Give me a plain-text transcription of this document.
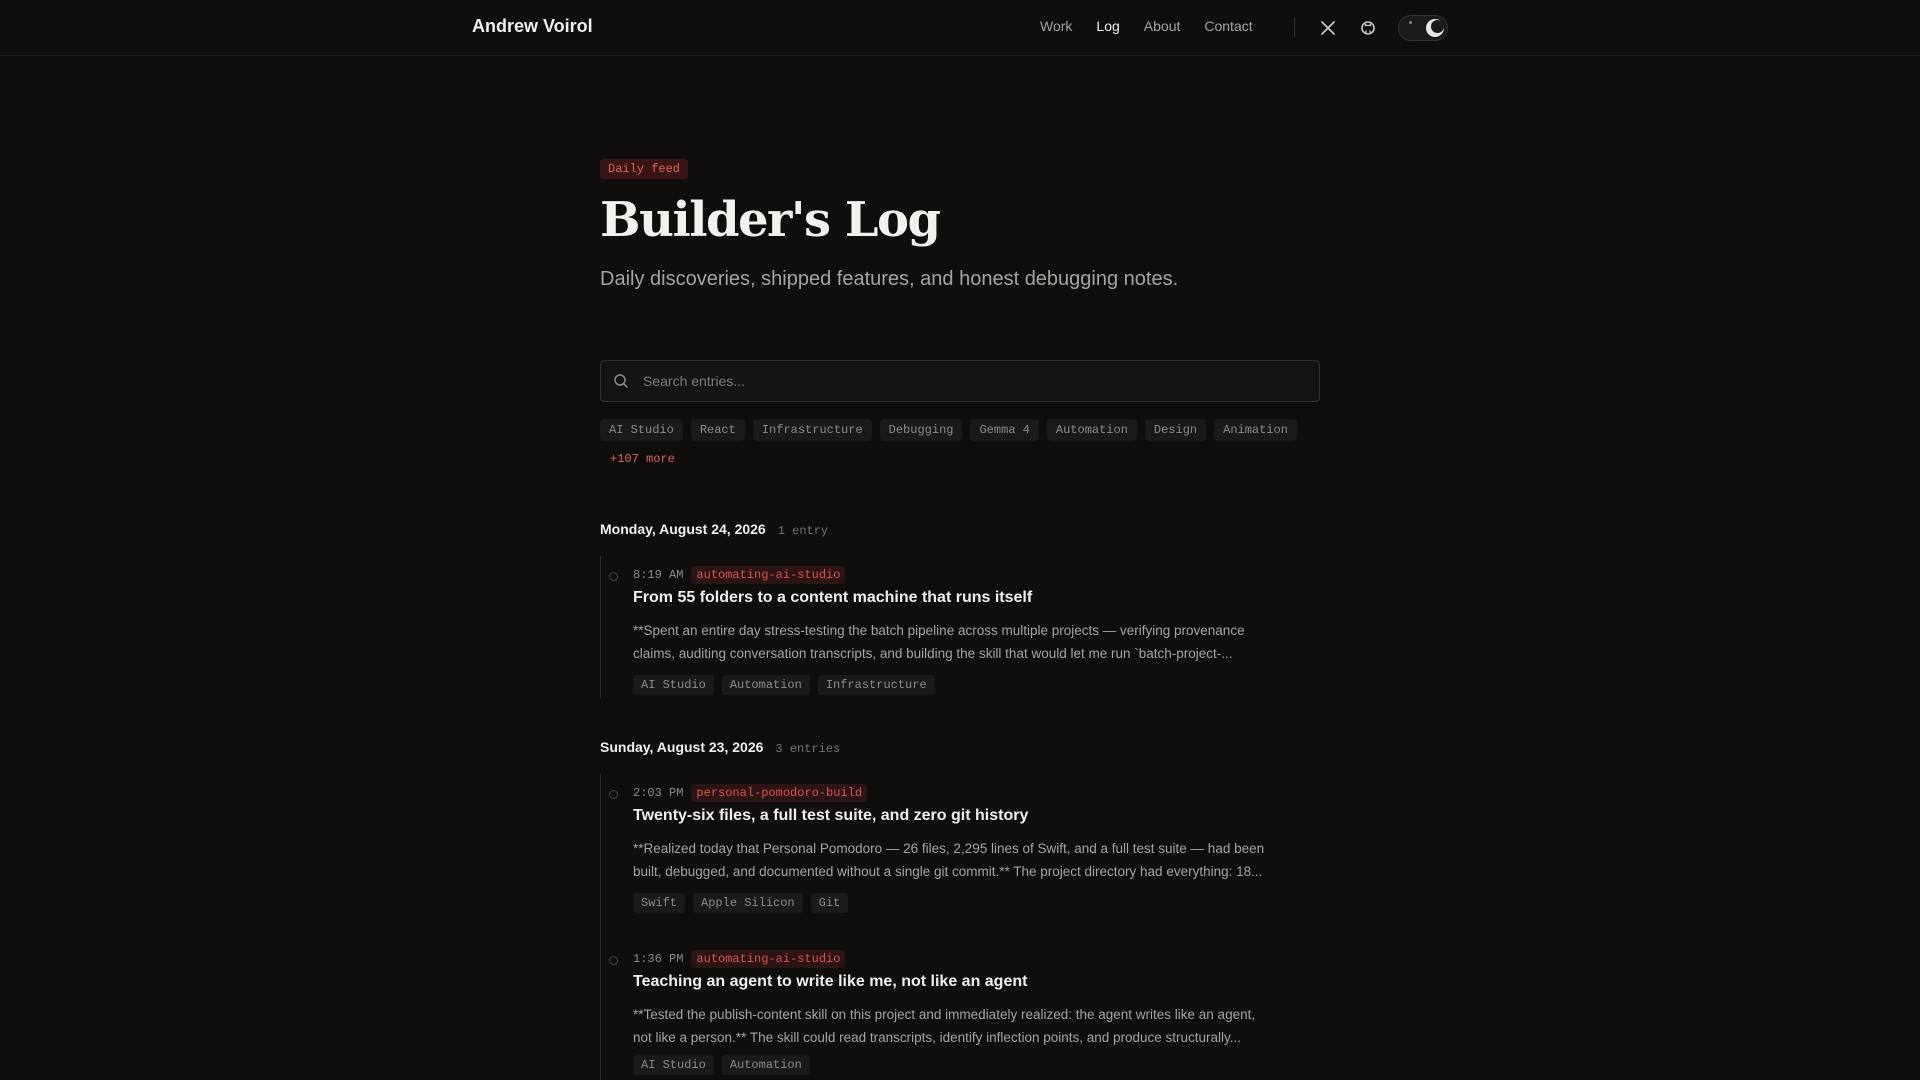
Andrew Voirol	Work Log About Contact
Daily feed
Builder's Log
Daily discoveries, shipped features, and honest debugging notes.
Search entries...
AI Studio	React	Infrastructure	Debugging	Gemma 4	Automation	Design	Animation
+107 more
Monday, August 24, 2026 1 entry
8:19 AM	automating-ai-studio
From 55 folders to a content machine that runs itself
**Spent an entire day stress-testing the batch pipeline across multiple projects — verifying provenance
claims, auditing conversation transcripts, and building the skill that would let me run `batch-project-...
AI Studio	Automation	Infrastructure
Sunday, August 23, 2026 3 entries
2:03 PM	personal-pomodoro-build
Twenty-six files, a full test suite, and zero git history
**Realized today that Personal Pomodoro — 26 files, 2,295 lines of Swift, and a full test suite — had been
built, debugged, and documented without a single git commit.** The project directory had everything: 18...
Swift	Apple Silicon	Git
1:36 PM	automating-ai-studio
Teaching an agent to write like me, not like an agent
**Tested the publish-content skill on this project and immediately realized: the agent writes like an agent,
not like a person.** The skill could read transcripts, identify inflection points, and produce structurally...
AI Studio	Automation
